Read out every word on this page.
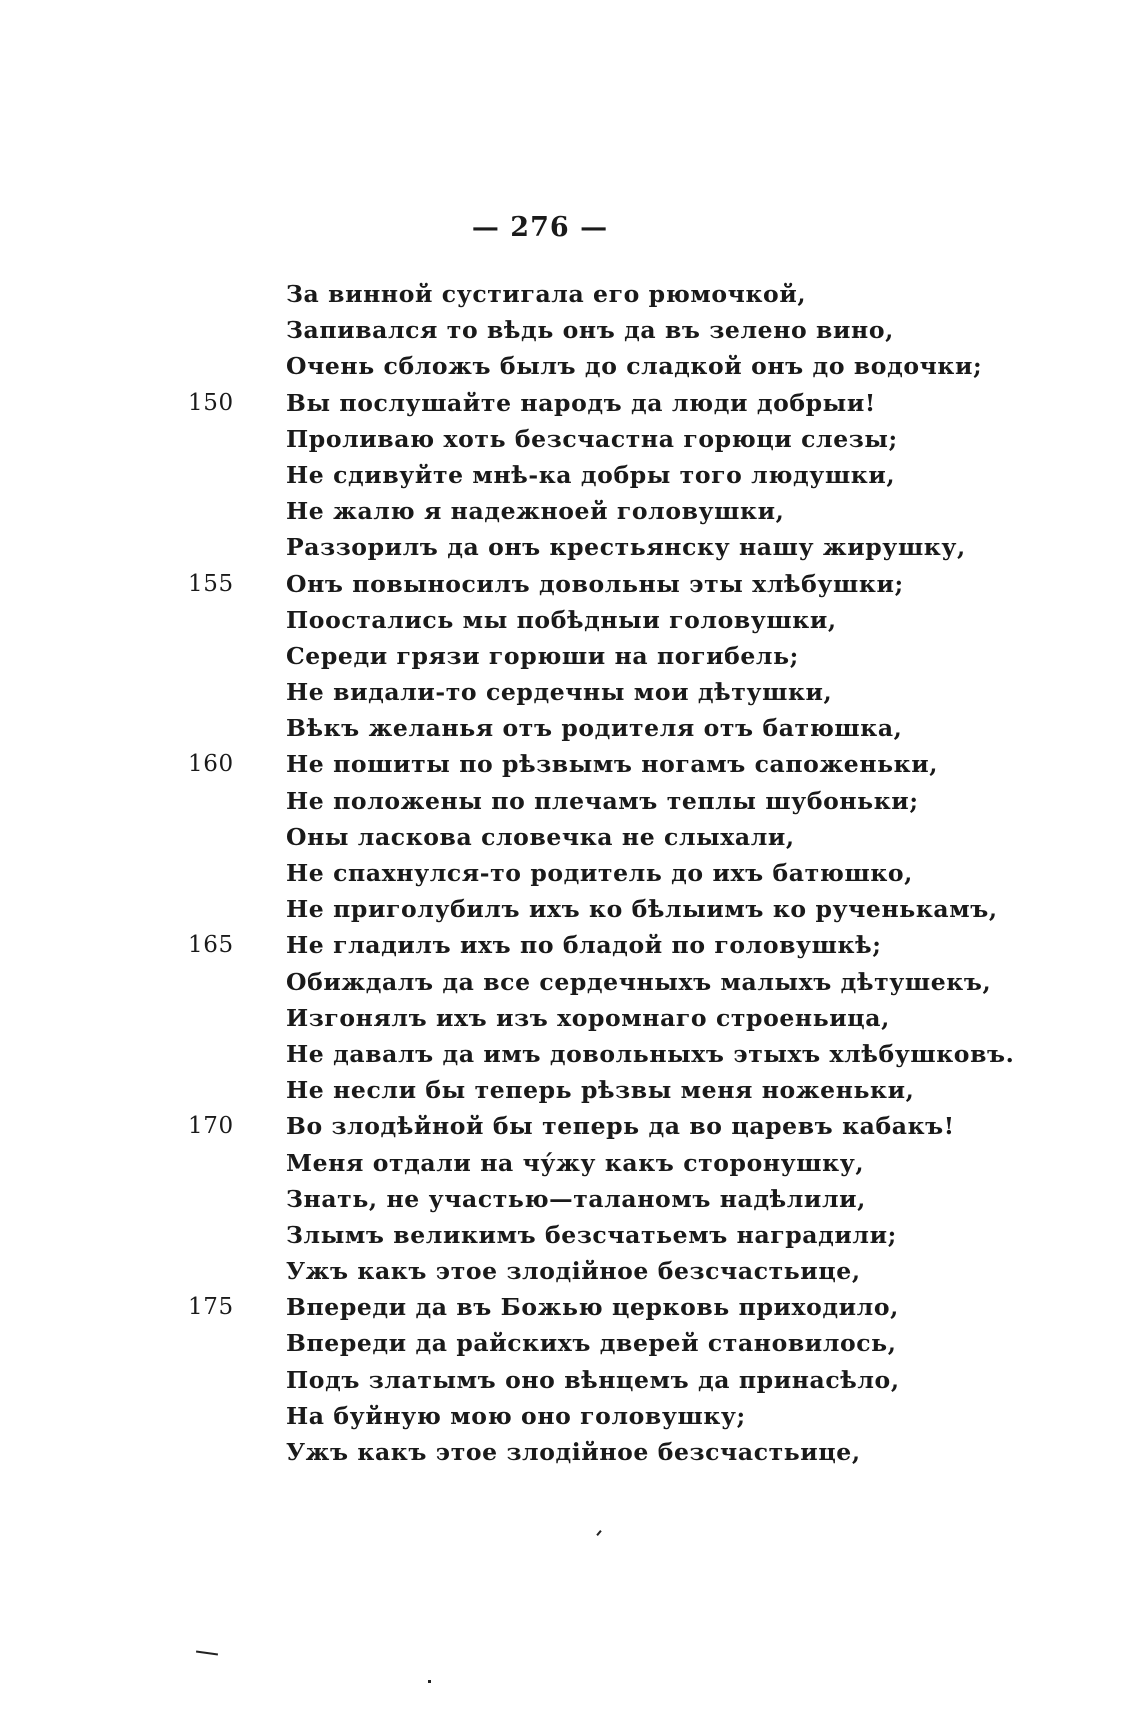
— 276 —
За винной сустигала его рюмочкой,
Запивался то вѣдь онъ да въ зелено вино,
Очень сбложъ былъ до сладкой онъ до водочки;
150 Вы послушайте народъ да люди добрыи!
Проливаю хоть безсчастна горюци слезы;
Не сдивуйте мнѣ-ка добры того людушки,
Не жалю я надежноей головушки,
Раззорилъ да онъ крестьянску нашу жирушку,
155 Онъ повыносилъ довольны эты хлѣбушки;
Поостались мы побѣдныи головушки,
Середи грязи горюши на погибель;
Не видали-то сердечны мои дѣтушки,
Вѣкъ желанья отъ родителя отъ батюшка,
160 Не пошиты по рѣзвымъ ногамъ сапоженьки,
Не положены по плечамъ теплы шубоньки;
Оны ласкова словечка не слыхали,
Не спахнулся-то родитель до ихъ батюшко,
Не приголубилъ ихъ ко бѣлыимъ ко рученькамъ,
165 Не гладилъ ихъ по бладой по головушкѣ;
Обиждалъ да все сердечныхъ малыхъ дѣтушекъ,
Изгонялъ ихъ изъ хоромнаго строеньица,
Не давалъ да имъ довольныхъ этыхъ хлѣбушковъ.
Не несли бы теперь рѣзвы меня ноженьки,
170 Во злодѣйной бы теперь да во царевъ кабакъ!
Меня отдали на чу́жу какъ сторонушку,
Знать, не участью—таланомъ надѣлили,
Злымъ великимъ безсчатьемъ наградили;
Ужъ какъ этое злодійное безсчастьице,
175 Впереди да въ Божью церковь приходило,
Впереди да райскихъ дверей становилось,
Подъ златымъ оно вѣнцемъ да принасѣло,
На буйную мою оно головушку;
Ужъ какъ этое злодійное безсчастьице,
